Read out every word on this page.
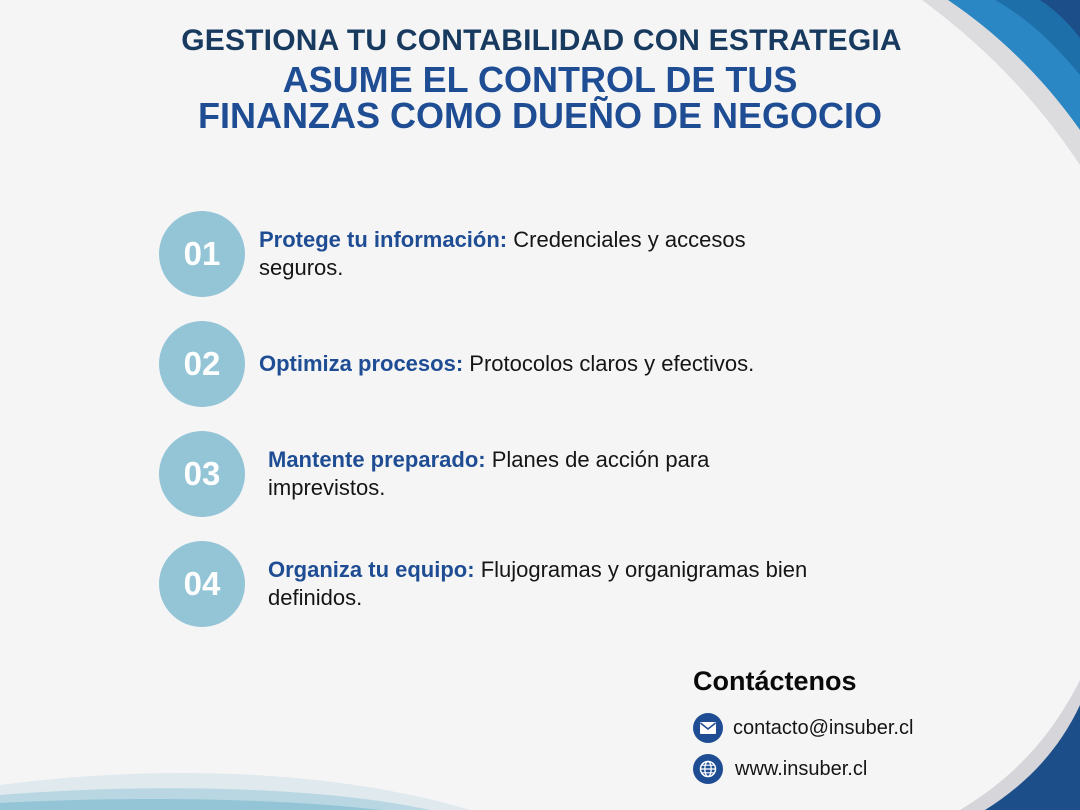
GESTIONA TU CONTABILIDAD CON ESTRATEGIA
ASUME EL CONTROL DE TUS
FINANZAS COMO DUEÑO DE NEGOCIO
01	Protege tu información: Credenciales y accesos seguros.
02	Optimiza procesos: Protocolos claros y efectivos.
03	Mantente preparado: Planes de acción para imprevistos.
04	Organiza tu equipo: Flujogramas y organigramas bien definidos.
Contáctenos
contacto@insuber.cl
www.insuber.cl
